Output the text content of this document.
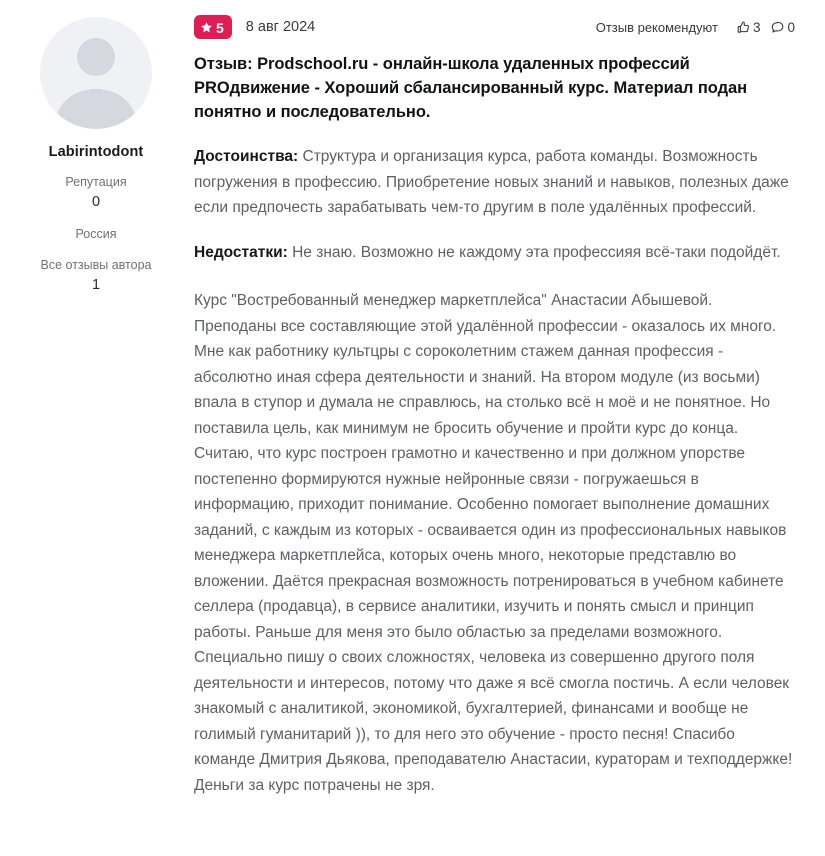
Labirintodont
Репутация
0
Россия
Все отзывы автора
1
5 8 авг 2024	Отзыв рекомендуют	3 0
Отзыв: Prodschool.ru - онлайн-школа удаленных профессий PROдвижение - Хороший сбалансированный курс. Материал подан понятно и последовательно.

Достоинства: Структура и организация курса, работа команды. Возможность погружения в профессию. Приобретение новых знаний и навыков, полезных даже если предпочесть зарабатывать чем-то другим в поле удалённых профессий.

Недостатки: Не знаю. Возможно не каждому эта профессияя всё-таки подойдёт.

Курс "Востребованный менеджер маркетплейса" Анастасии Абышевой. Преподаны все составляющие этой удалённой профессии - оказалось их много. Мне как работнику культцры с сороколетним стажем данная профессия - абсолютно иная сфера деятельности и знаний. На втором модуле (из восьми) впала в ступор и думала не справлюсь, на столько всё н моё и не понятное. Но поставила цель, как минимум не бросить обучение и пройти курс до конца. Считаю, что курс построен грамотно и качественно и при должном упорстве постепенно формируются нужные нейронные связи - погружаешься в информацию, приходит понимание. Особенно помогает выполнение домашних заданий, с каждым из которых - осваивается один из профессиональных навыков менеджера маркетплейса, которых очень много, некоторые представлю во вложении. Даётся прекрасная возможность потренироваться в учебном кабинете селлера (продавца), в сервисе аналитики, изучить и понять смысл и принцип работы. Раньше для меня это было областью за пределами возможного. Специально пишу о своих сложностях, человека из совершенно другого поля деятельности и интересов, потому что даже я всё смогла постичь. А если человек знакомый с аналитикой, экономикой, бухгалтерией, финансами и вообще не голимый гуманитарий )), то для него это обучение - просто песня! Спасибо команде Дмитрия Дьякова, преподавателю Анастасии, кураторам и техподдержке! Деньги за курс потрачены не зря.
